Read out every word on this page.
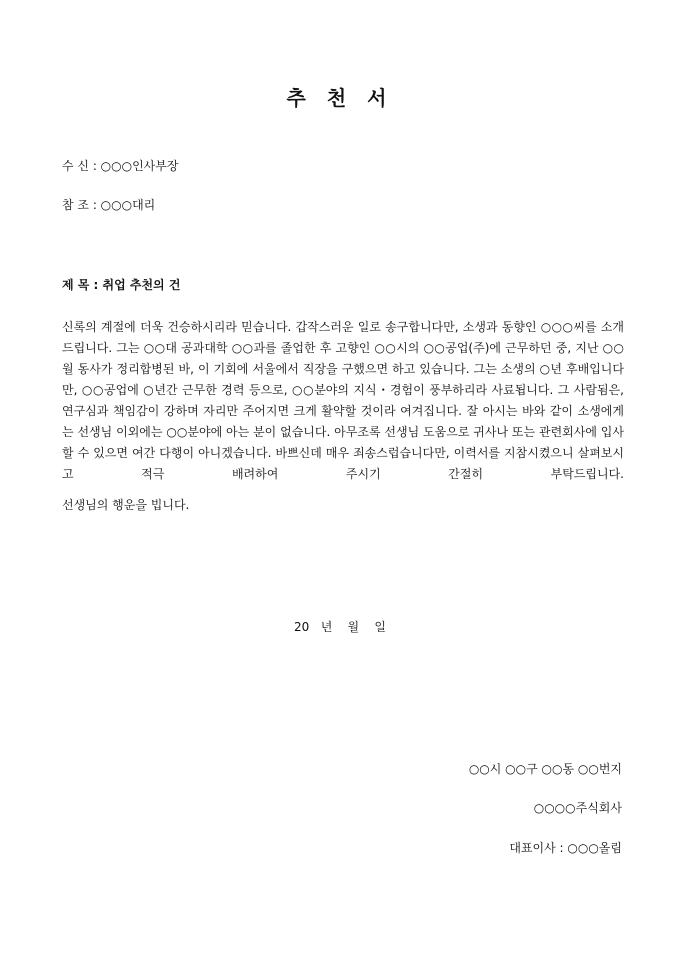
추 천 서
수 신 : ○○○인사부장
참 조 : ○○○대리
제 목 : 취업 추천의 건
신록의 계절에 더욱 건승하시리라 믿습니다. 갑작스러운 일로 송구합니다만, 소생과 동향인 ○○○씨를 소개드립니다. 그는 ○○대 공과대학 ○○과를 졸업한 후 고향인 ○○시의 ○○공업(주)에 근무하던 중, 지난 ○○월 동사가 정리합병된 바, 이 기회에 서울에서 직장을 구했으면 하고 있습니다. 그는 소생의 ○년 후배입니다만, ○○공업에 ○년간 근무한 경력 등으로, ○○분야의 지식・경험이 풍부하리라 사료됩니다. 그 사람됨은, 연구심과 책임감이 강하며 자리만 주어지면 크게 활약할 것이라 여겨집니다. 잘 아시는 바와 같이 소생에게는 선생님 이외에는 ○○분야에 아는 분이 없습니다. 아무조록 선생님 도움으로 귀사나 또는 관련회사에 입사할 수 있으면 여간 다행이 아니겠습니다. 바쁘신데 매우 죄송스럽습니다만, 이력서를 지참시켰으니 살펴보시고 적극 배려하여 주시기 간절히 부탁드립니다.
선생님의 행운을 빕니다.
20   년    월    일
○○시 ○○구 ○○동 ○○번지
○○○○주식회사
대표이사 : ○○○올림
